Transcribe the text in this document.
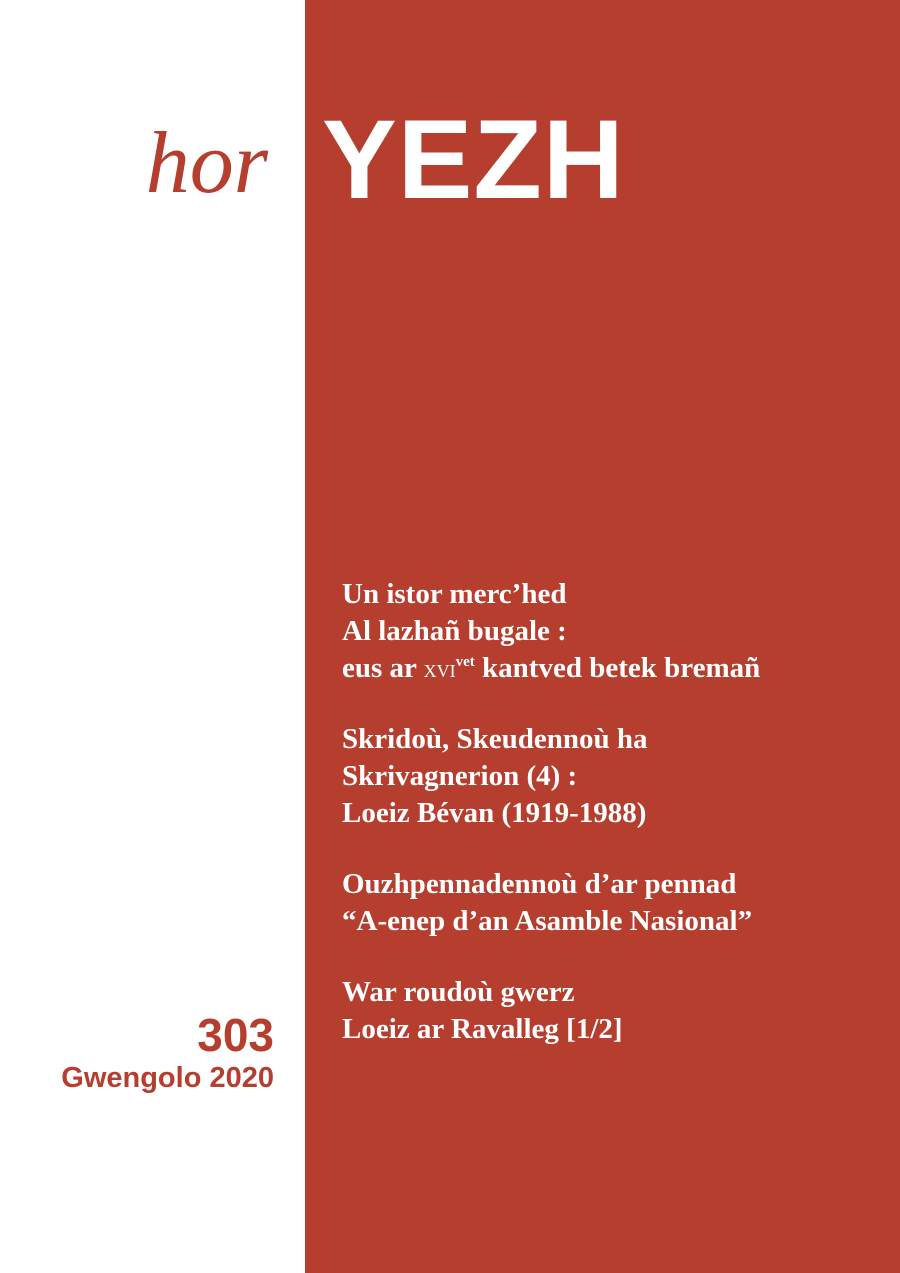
hor YEZH
Un istor merc’hed
Al lazhañ bugale :
eus ar xvi$^{vet}$ kantved betek bremañ
Skridoù, Skeudennoù ha
Skrivagnerion (4) :
Loeiz Bévan (1919-1988)
Ouzhpennadennoù d’ar pennad
“A-enep d’an Asamble Nasional”
War roudoù gwerz
Loeiz ar Ravalleg [1/2]
303
Gwengolo 2020
